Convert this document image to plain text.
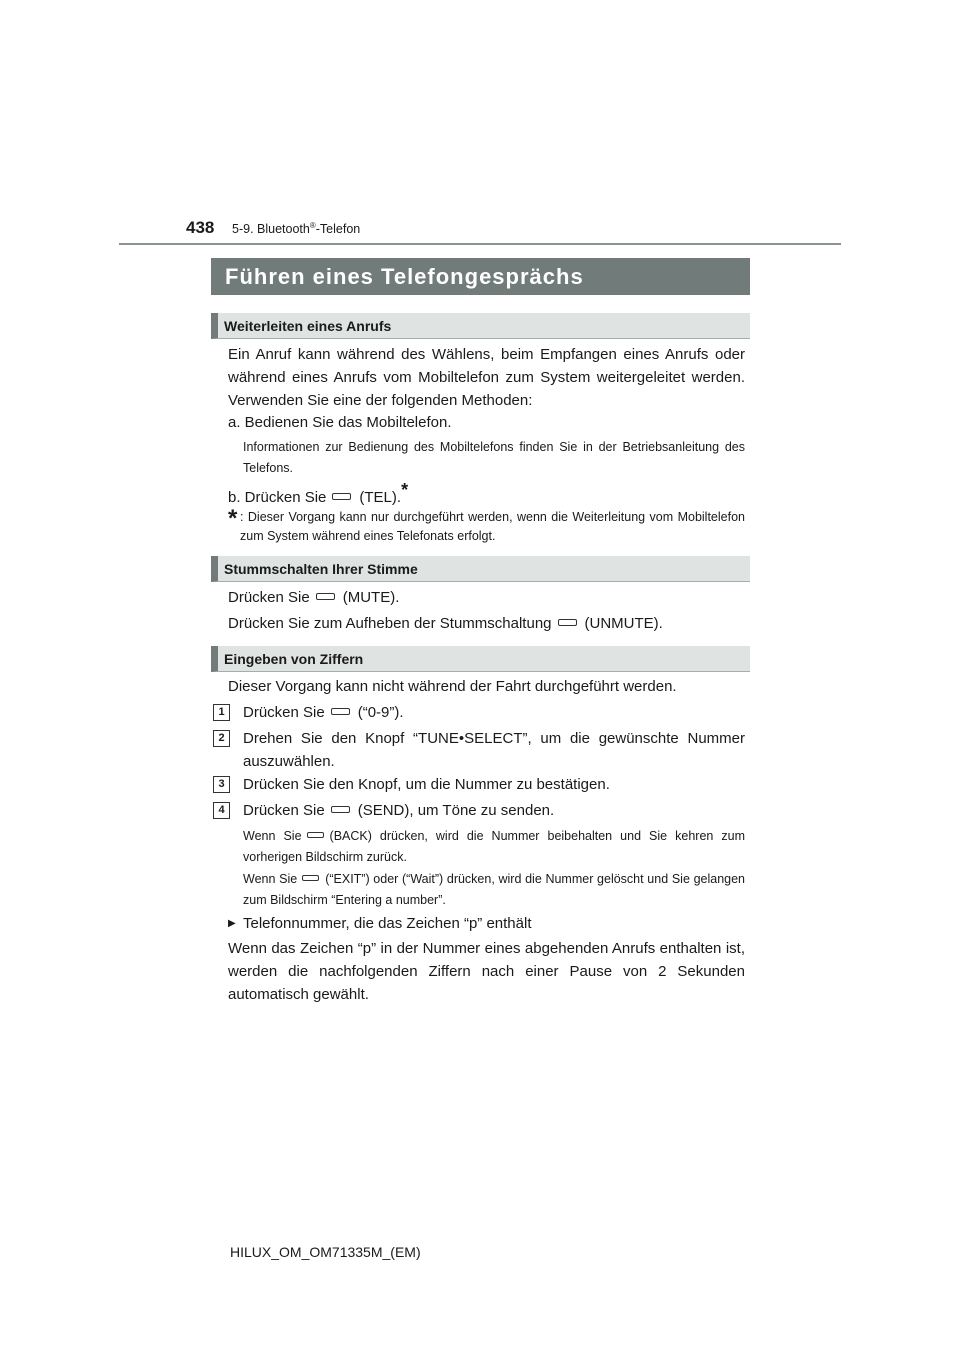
438 5-9. Bluetooth®-Telefon
Führen eines Telefongesprächs
Weiterleiten eines Anrufs
Ein Anruf kann während des Wählens, beim Empfangen eines Anrufs oder während eines Anrufs vom Mobiltelefon zum System weitergeleitet werden. Verwenden Sie eine der folgenden Methoden:
a. Bedienen Sie das Mobiltelefon.
Informationen zur Bedienung des Mobiltelefons finden Sie in der Betriebsanleitung des Telefons.
b. Drücken Sie (TEL).*
* : Dieser Vorgang kann nur durchgeführt werden, wenn die Weiterleitung vom Mobiltelefon zum System während eines Telefonats erfolgt.
Stummschalten Ihrer Stimme
Drücken Sie (MUTE).
Drücken Sie zum Aufheben der Stummschaltung (UNMUTE).
Eingeben von Ziffern
Dieser Vorgang kann nicht während der Fahrt durchgeführt werden.
1	Drücken Sie (“0-9”).
2	Drehen Sie den Knopf “TUNE•SELECT”, um die gewünschte Nummer auszuwählen.
3	Drücken Sie den Knopf, um die Nummer zu bestätigen.
4	Drücken Sie (SEND), um Töne zu senden.
Wenn Sie (BACK) drücken, wird die Nummer beibehalten und Sie kehren zum vorherigen Bildschirm zurück.
Wenn Sie (“EXIT”) oder (“Wait”) drücken, wird die Nummer gelöscht und Sie gelangen zum Bildschirm “Entering a number”.
▶ Telefonnummer, die das Zeichen “p” enthält
Wenn das Zeichen “p” in der Nummer eines abgehenden Anrufs enthalten ist, werden die nachfolgenden Ziffern nach einer Pause von 2 Sekunden automatisch gewählt.
HILUX_OM_OM71335M_(EM)
